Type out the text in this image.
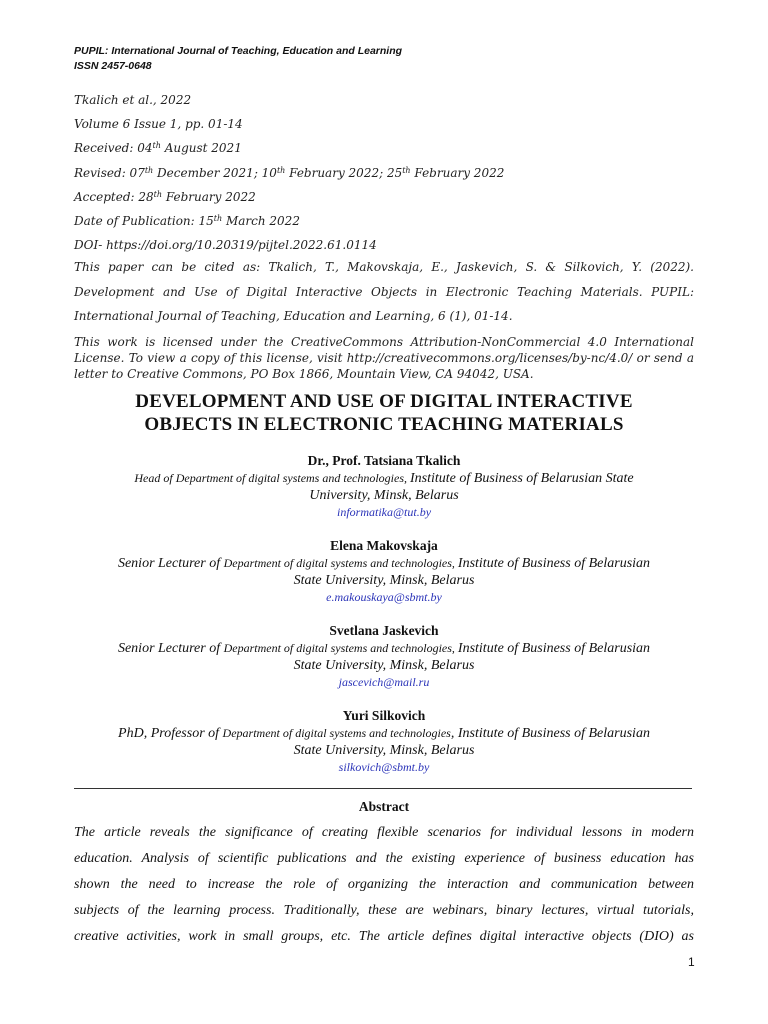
PUPIL: International Journal of Teaching, Education and Learning
ISSN 2457-0648
Tkalich et al., 2022
Volume 6 Issue 1, pp. 01-14
Received: 04th August 2021
Revised: 07th December 2021; 10th February 2022; 25th February 2022
Accepted: 28th February 2022
Date of Publication: 15th March 2022
DOI- https://doi.org/10.20319/pijtel.2022.61.0114
This paper can be cited as: Tkalich, T., Makovskaja, E., Jaskevich, S. & Silkovich, Y. (2022). Development and Use of Digital Interactive Objects in Electronic Teaching Materials. PUPIL: International Journal of Teaching, Education and Learning, 6 (1), 01-14.
This work is licensed under the CreativeCommons Attribution-NonCommercial 4.0 International License. To view a copy of this license, visit http://creativecommons.org/licenses/by-nc/4.0/ or send a letter to Creative Commons, PO Box 1866, Mountain View, CA 94042, USA.
DEVELOPMENT AND USE OF DIGITAL INTERACTIVE
OBJECTS IN ELECTRONIC TEACHING MATERIALS
Dr., Prof. Tatsiana Tkalich
Head of Department of digital systems and technologies, Institute of Business of Belarusian State
University, Minsk, Belarus
informatika@tut.by
Elena Makovskaja
Senior Lecturer of Department of digital systems and technologies, Institute of Business of Belarusian
State University, Minsk, Belarus
e.makouskaya@sbmt.by
Svetlana Jaskevich
Senior Lecturer of Department of digital systems and technologies, Institute of Business of Belarusian
State University, Minsk, Belarus
jascevich@mail.ru
Yuri Silkovich
PhD, Professor of Department of digital systems and technologies, Institute of Business of Belarusian
State University, Minsk, Belarus
silkovich@sbmt.by
Abstract
The article reveals the significance of creating flexible scenarios for individual lessons in modern
education. Analysis of scientific publications and the existing experience of business education has
shown the need to increase the role of organizing the interaction and communication between
subjects of the learning process. Traditionally, these are webinars, binary lectures, virtual tutorials,
creative activities, work in small groups, etc. The article defines digital interactive objects (DIO) as
1
